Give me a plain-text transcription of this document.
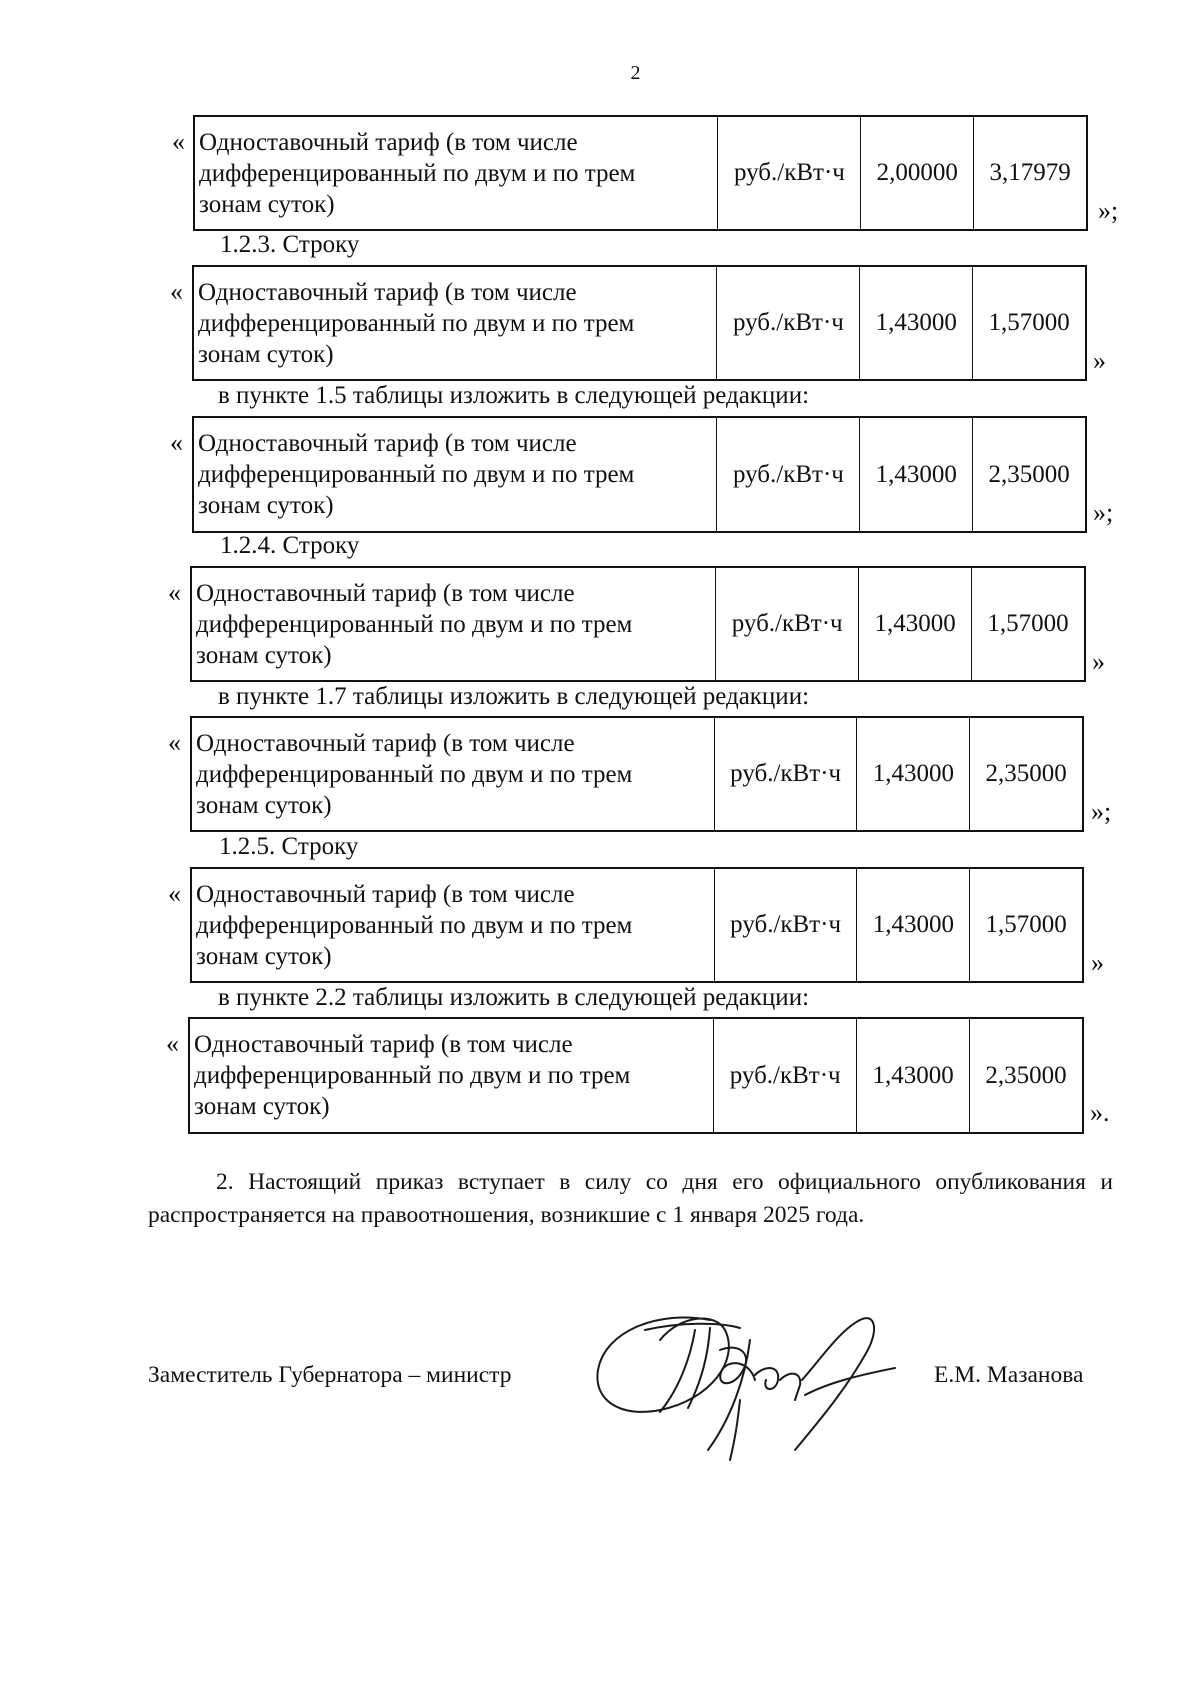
2
« Одноставочный тариф (в том числе
дифференцированный по двум и по трем
зонам суток)	руб./кВт·ч	2,00000	3,17979
»;
1.2.3. Строку
« Одноставочный тариф (в том числе
дифференцированный по двум и по трем
зонам суток)	руб./кВт·ч	1,43000	1,57000
»
в пункте 1.5 таблицы изложить в следующей редакции:
« Одноставочный тариф (в том числе
дифференцированный по двум и по трем
зонам суток)	руб./кВт·ч	1,43000	2,35000
»;
1.2.4. Строку
« Одноставочный тариф (в том числе
дифференцированный по двум и по трем
зонам суток)	руб./кВт·ч	1,43000	1,57000
»
в пункте 1.7 таблицы изложить в следующей редакции:
« Одноставочный тариф (в том числе
дифференцированный по двум и по трем
зонам суток)	руб./кВт·ч	1,43000	2,35000
»;
1.2.5. Строку
« Одноставочный тариф (в том числе
дифференцированный по двум и по трем
зонам суток)	руб./кВт·ч	1,43000	1,57000
»
в пункте 2.2 таблицы изложить в следующей редакции:
« Одноставочный тариф (в том числе
дифференцированный по двум и по трем
зонам суток)	руб./кВт·ч	1,43000	2,35000
».
2. Настоящий приказ вступает в силу со дня его официального опубликования и распространяется на правоотношения, возникшие с 1 января 2025 года.
Заместитель Губернатора – министр	Е.М. Мазанова
